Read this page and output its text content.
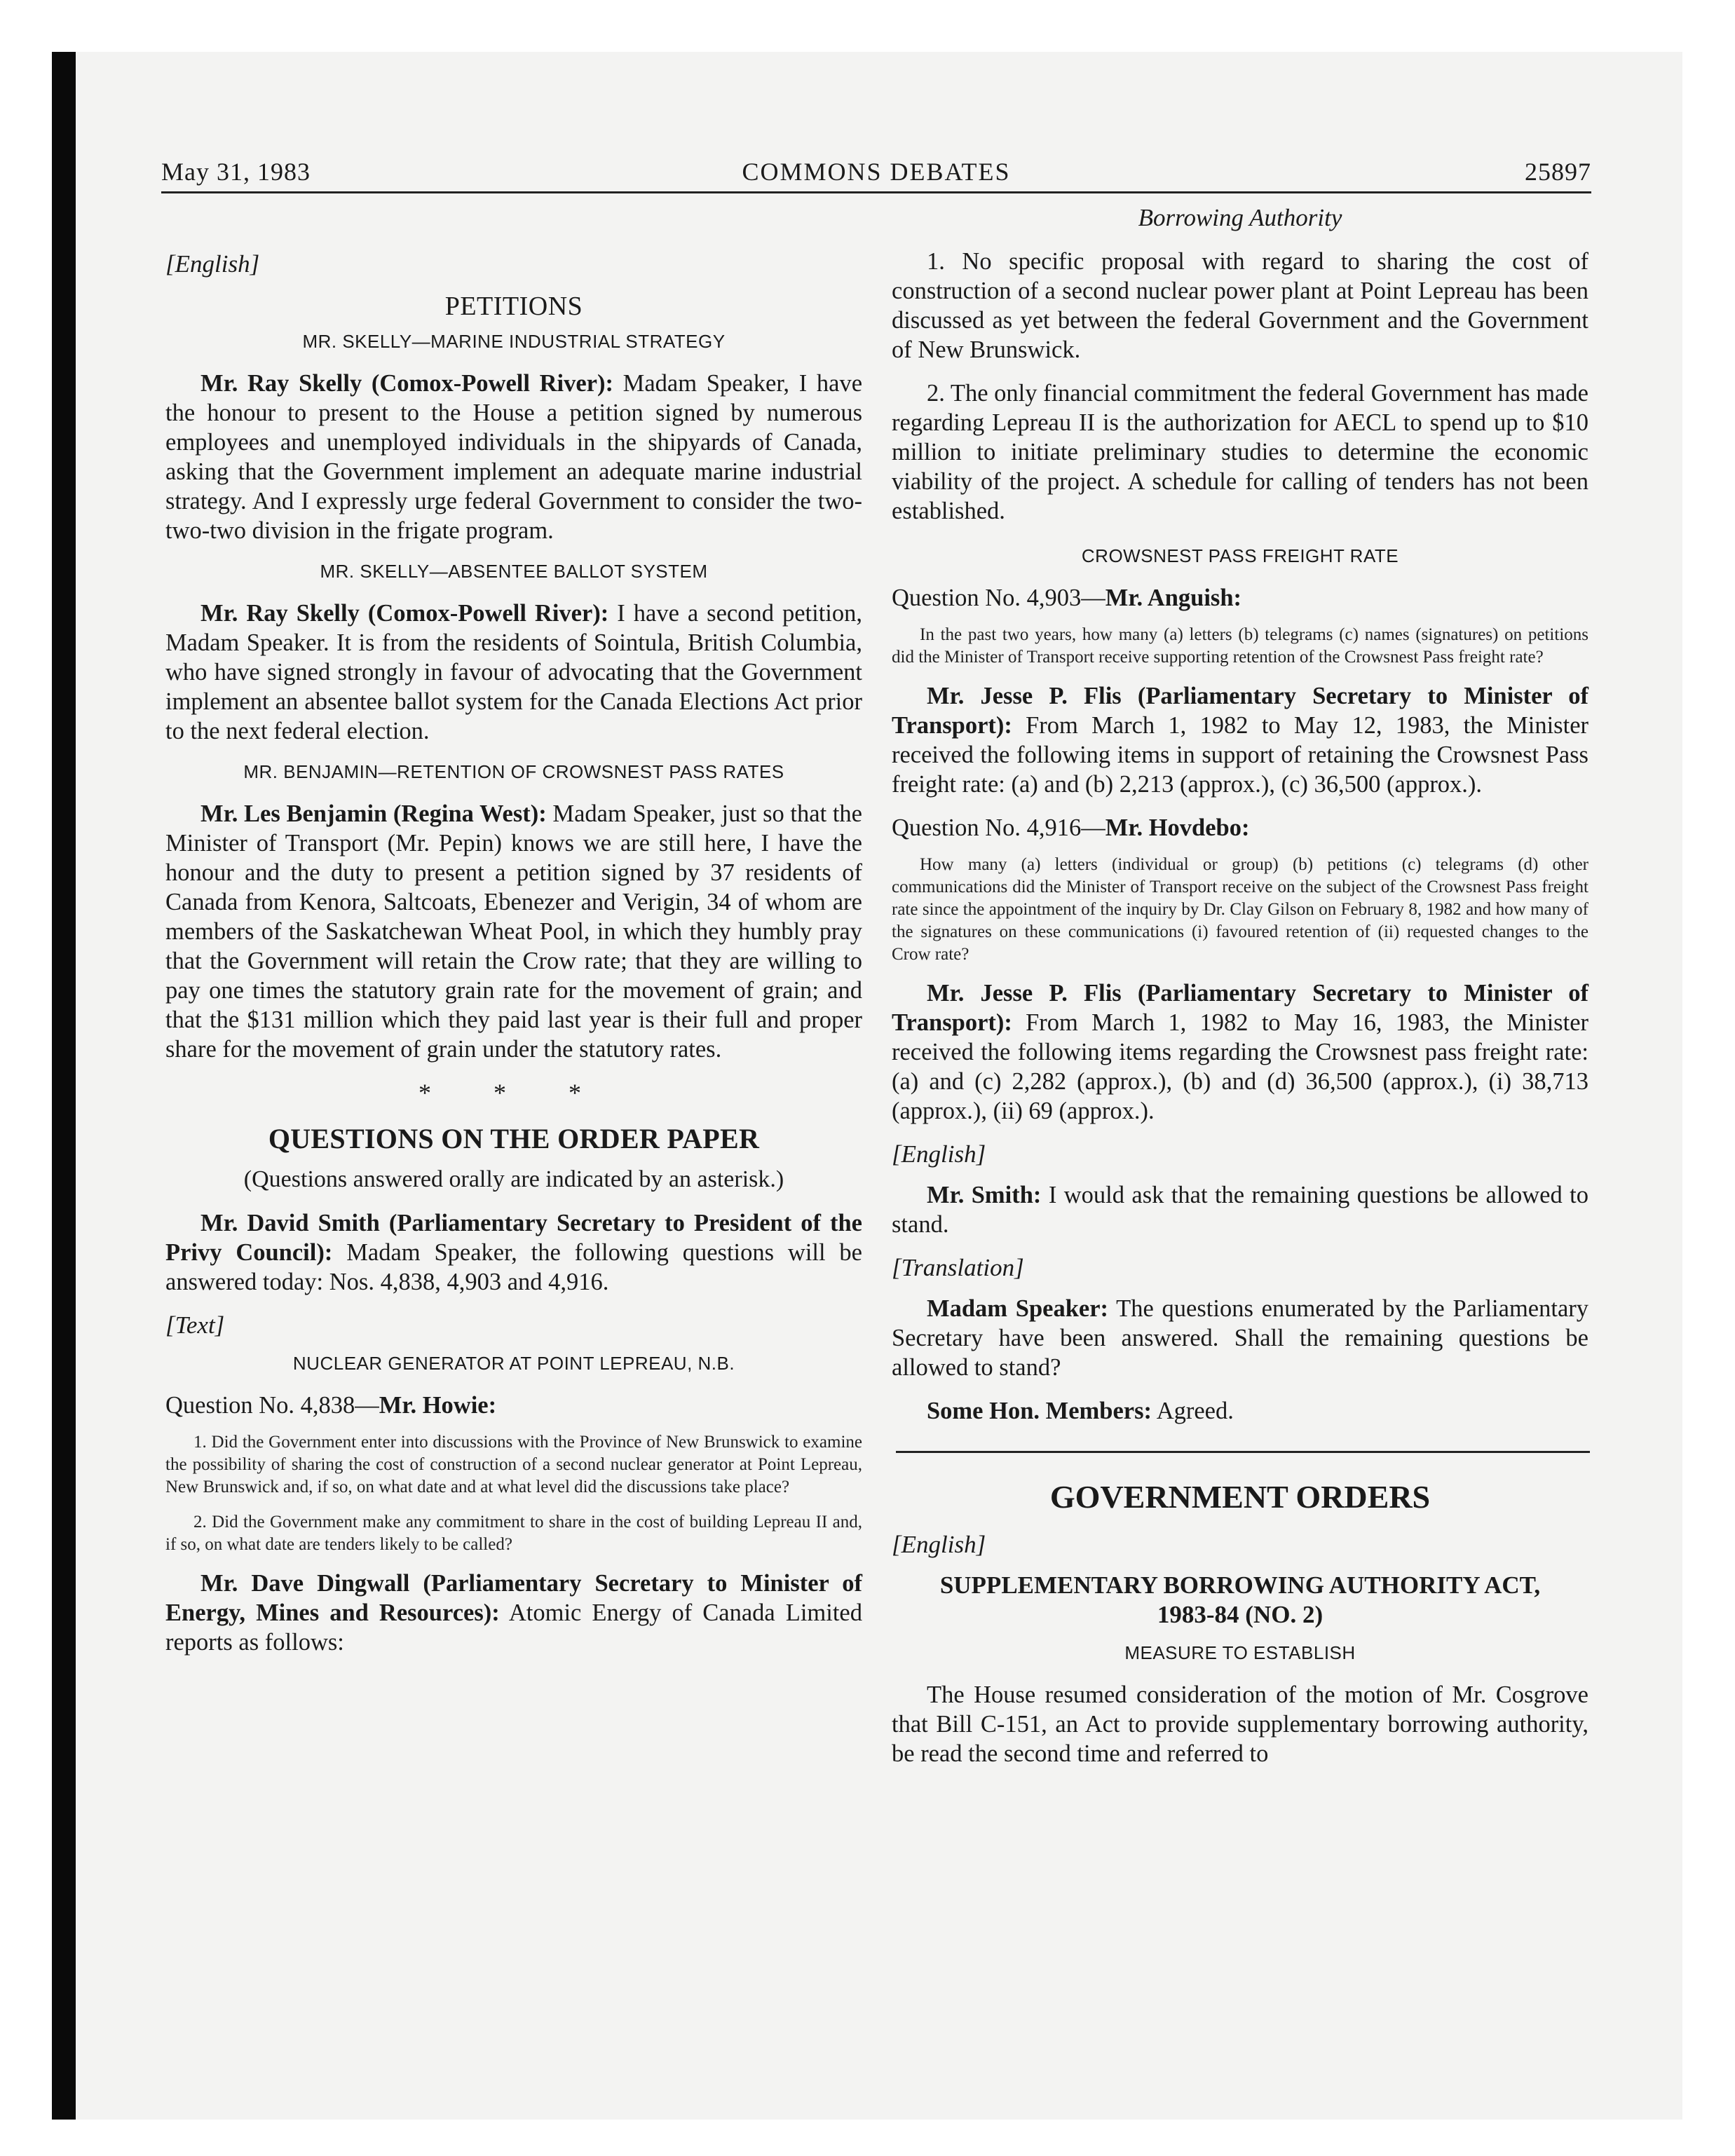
COMMONS DEBATES
May 31, 1983	25897

[English]

PETITIONS

MR. SKELLY—MARINE INDUSTRIAL STRATEGY

Mr. Ray Skelly (Comox-Powell River): Madam Speaker, I have the honour to present to the House a petition signed by numerous employees and unemployed individuals in the shipyards of Canada, asking that the Government implement an adequate marine industrial strategy. And I expressly urge federal Government to consider the two-two-two division in the frigate program.

MR. SKELLY—ABSENTEE BALLOT SYSTEM

Mr. Ray Skelly (Comox-Powell River): I have a second petition, Madam Speaker. It is from the residents of Sointula, British Columbia, who have signed strongly in favour of advocating that the Government implement an absentee ballot system for the Canada Elections Act prior to the next federal election.

MR. BENJAMIN—RETENTION OF CROWSNEST PASS RATES

Mr. Les Benjamin (Regina West): Madam Speaker, just so that the Minister of Transport (Mr. Pepin) knows we are still here, I have the honour and the duty to present a petition signed by 37 residents of Canada from Kenora, Saltcoats, Ebenezer and Verigin, 34 of whom are members of the Saskatchewan Wheat Pool, in which they humbly pray that the Government will retain the Crow rate; that they are willing to pay one times the statutory grain rate for the movement of grain; and that the $131 million which they paid last year is their full and proper share for the movement of grain under the statutory rates.

* * *

QUESTIONS ON THE ORDER PAPER

(Questions answered orally are indicated by an asterisk.)

Mr. David Smith (Parliamentary Secretary to President of the Privy Council): Madam Speaker, the following questions will be answered today: Nos. 4,838, 4,903 and 4,916.

[Text]

NUCLEAR GENERATOR AT POINT LEPREAU, N.B.

Question No. 4,838—Mr. Howie:

1. Did the Government enter into discussions with the Province of New Brunswick to examine the possibility of sharing the cost of construction of a second nuclear generator at Point Lepreau, New Brunswick and, if so, on what date and at what level did the discussions take place?

2. Did the Government make any commitment to share in the cost of building Lepreau II and, if so, on what date are tenders likely to be called?

Mr. Dave Dingwall (Parliamentary Secretary to Minister of Energy, Mines and Resources): Atomic Energy of Canada Limited reports as follows:

Borrowing Authority

1. No specific proposal with regard to sharing the cost of construction of a second nuclear power plant at Point Lepreau has been discussed as yet between the federal Government and the Government of New Brunswick.

2. The only financial commitment the federal Government has made regarding Lepreau II is the authorization for AECL to spend up to $10 million to initiate preliminary studies to determine the economic viability of the project. A schedule for calling of tenders has not been established.

CROWSNEST PASS FREIGHT RATE

Question No. 4,903—Mr. Anguish:

In the past two years, how many (a) letters (b) telegrams (c) names (signatures) on petitions did the Minister of Transport receive supporting retention of the Crowsnest Pass freight rate?

Mr. Jesse P. Flis (Parliamentary Secretary to Minister of Transport): From March 1, 1982 to May 12, 1983, the Minister received the following items in support of retaining the Crowsnest Pass freight rate: (a) and (b) 2,213 (approx.), (c) 36,500 (approx.).

Question No. 4,916—Mr. Hovdebo:

How many (a) letters (individual or group) (b) petitions (c) telegrams (d) other communications did the Minister of Transport receive on the subject of the Crowsnest Pass freight rate since the appointment of the inquiry by Dr. Clay Gilson on February 8, 1982 and how many of the signatures on these communications (i) favoured retention of (ii) requested changes to the Crow rate?

Mr. Jesse P. Flis (Parliamentary Secretary to Minister of Transport): From March 1, 1982 to May 16, 1983, the Minister received the following items regarding the Crowsnest pass freight rate: (a) and (c) 2,282 (approx.), (b) and (d) 36,500 (approx.), (i) 38,713 (approx.), (ii) 69 (approx.).

[English]

Mr. Smith: I would ask that the remaining questions be allowed to stand.

[Translation]

Madam Speaker: The questions enumerated by the Parliamentary Secretary have been answered. Shall the remaining questions be allowed to stand?

Some Hon. Members: Agreed.

GOVERNMENT ORDERS

[English]

SUPPLEMENTARY BORROWING AUTHORITY ACT,
1983-84 (NO. 2)

MEASURE TO ESTABLISH

The House resumed consideration of the motion of Mr. Cosgrove that Bill C-151, an Act to provide supplementary borrowing authority, be read the second time and referred to
